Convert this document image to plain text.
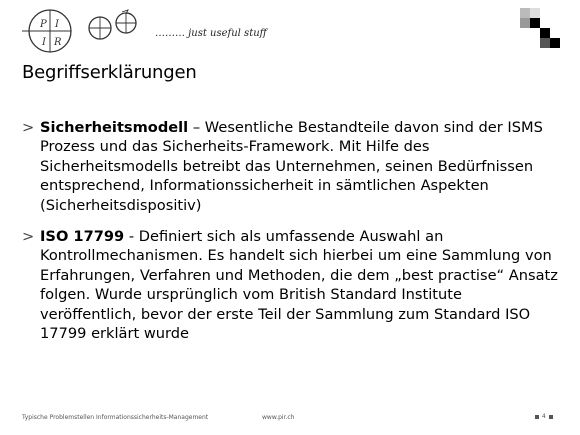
P I
I R
……… just useful stuff
Begriffserklärungen
> Sicherheitsmodell – Wesentliche Bestandteile davon sind der ISMS Prozess und das Sicherheits-Framework. Mit Hilfe des Sicherheitsmodells betreibt das Unternehmen, seinen Bedürfnissen entsprechend, Informationssicherheit in sämtlichen Aspekten (Sicherheitsdispositiv)
> ISO 17799 - Definiert sich als umfassende Auswahl an Kontrollmechanismen. Es handelt sich hierbei um eine Sammlung von Erfahrungen, Verfahren und Methoden, die dem „best practise“ Ansatz folgen. Wurde ursprünglich vom British Standard Institute veröffentlich, bevor der erste Teil der Sammlung zum Standard ISO 17799 erklärt wurde
Typische Problemstellen Informationssicherheits-Management	www.pir.ch	4
